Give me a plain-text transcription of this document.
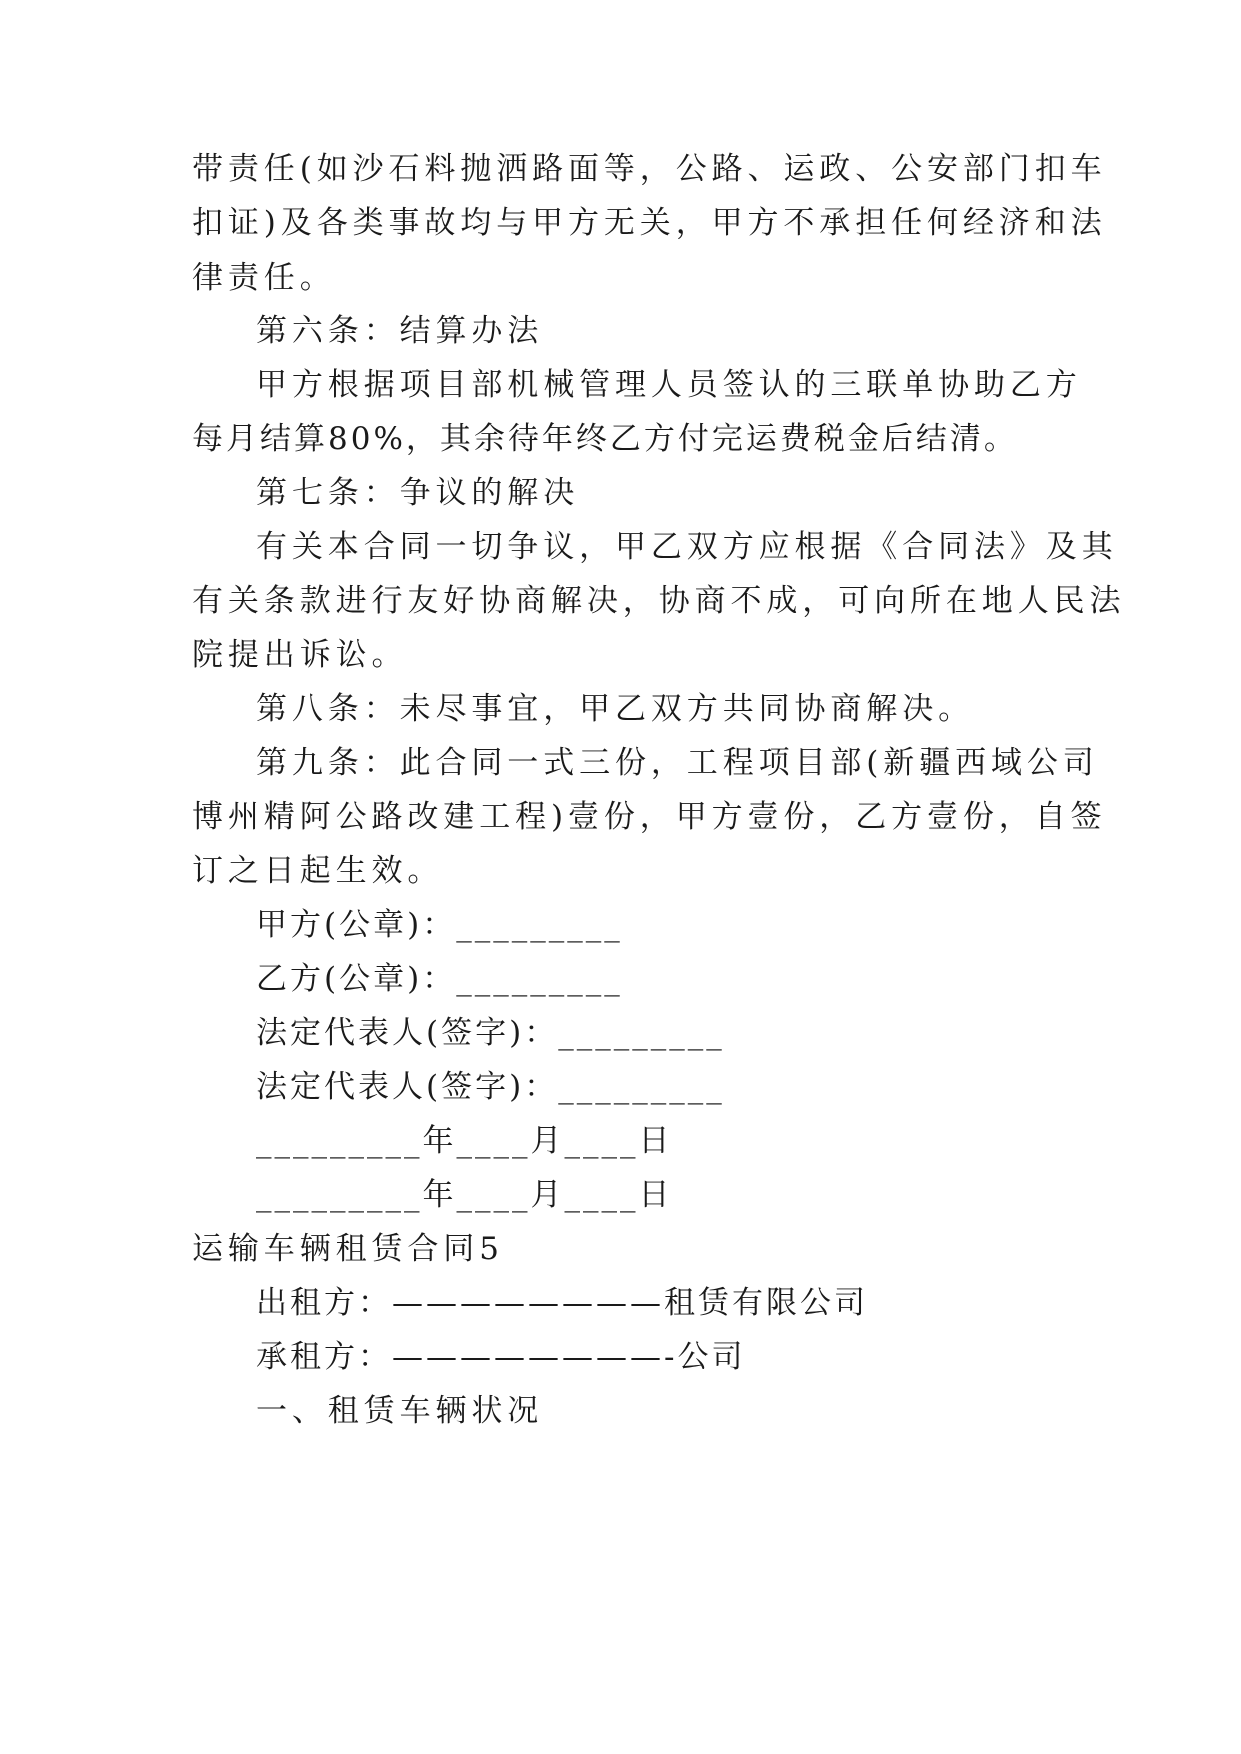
带责任(如沙石料抛洒路面等，公路、运政、公安部门扣车
扣证)及各类事故均与甲方无关，甲方不承担任何经济和法
律责任。
第六条：结算办法
甲方根据项目部机械管理人员签认的三联单协助乙方
每月结算80%，其余待年终乙方付完运费税金后结清。
第七条：争议的解决
有关本合同一切争议，甲乙双方应根据《合同法》及其
有关条款进行友好协商解决，协商不成，可向所在地人民法
院提出诉讼。
第八条：未尽事宜，甲乙双方共同协商解决。
第九条：此合同一式三份，工程项目部(新疆西域公司
博州精阿公路改建工程)壹份，甲方壹份，乙方壹份，自签
订之日起生效。
甲方(公章)：_________
乙方(公章)：_________
法定代表人(签字)：_________
法定代表人(签字)：_________
_________年____月____日
_________年____月____日
运输车辆租赁合同5
出租方：————————租赁有限公司
承租方：————————-公司
一、租赁车辆状况
